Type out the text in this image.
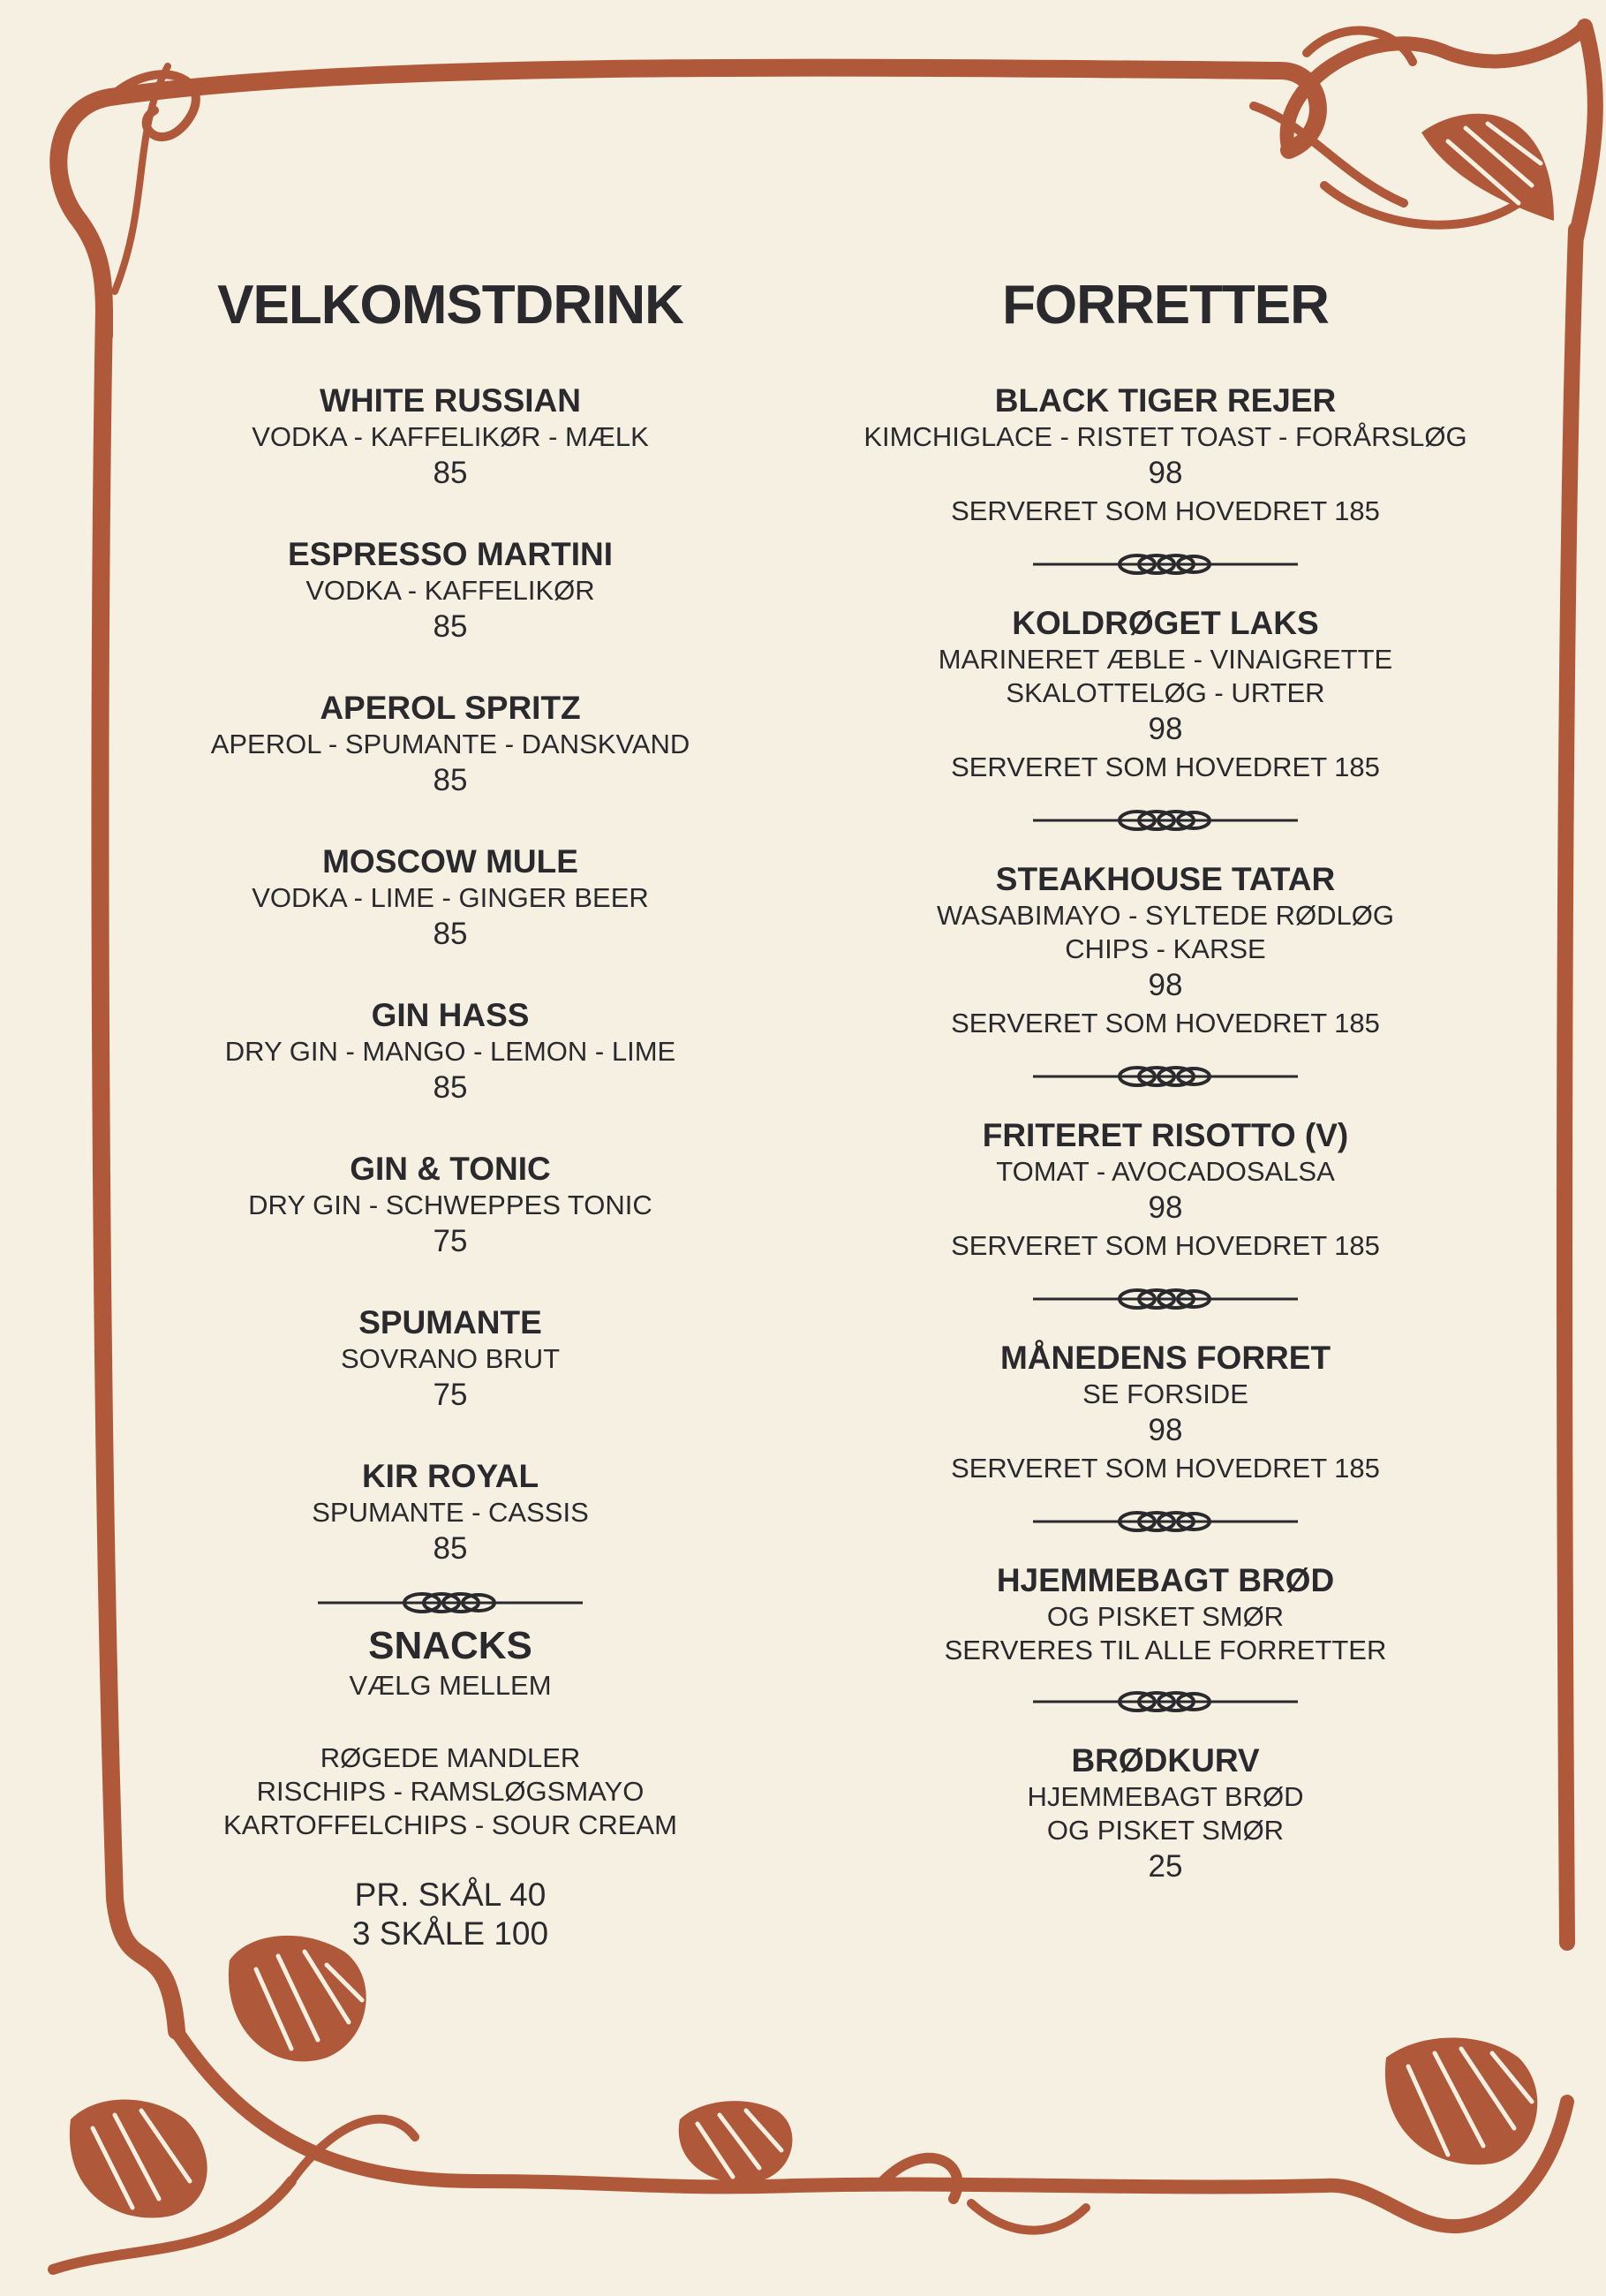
VELKOMSTDRINK
WHITE RUSSIAN
VODKA - KAFFELIKØR - MÆLK
85
ESPRESSO MARTINI
VODKA - KAFFELIKØR
85
APEROL SPRITZ
APEROL - SPUMANTE - DANSKVAND
85
MOSCOW MULE
VODKA - LIME - GINGER BEER
85
GIN HASS
DRY GIN - MANGO - LEMON - LIME
85
GIN & TONIC
DRY GIN - SCHWEPPES TONIC
75
SPUMANTE
SOVRANO BRUT
75
KIR ROYAL
SPUMANTE - CASSIS
85
SNACKS
VÆLG MELLEM
RØGEDE MANDLER
RISCHIPS - RAMSLØGSMAYO
KARTOFFELCHIPS - SOUR CREAM
PR. SKÅL 40
3 SKÅLE 100
FORRETTER
BLACK TIGER REJER
KIMCHIGLACE - RISTET TOAST - FORÅRSLØG
98
SERVERET SOM HOVEDRET 185
KOLDRØGET LAKS
MARINERET ÆBLE - VINAIGRETTE
SKALOTTELØG - URTER
98
SERVERET SOM HOVEDRET 185
STEAKHOUSE TATAR
WASABIMAYO - SYLTEDE RØDLØG
CHIPS - KARSE
98
SERVERET SOM HOVEDRET 185
FRITERET RISOTTO (V)
TOMAT - AVOCADOSALSA
98
SERVERET SOM HOVEDRET 185
MÅNEDENS FORRET
SE FORSIDE
98
SERVERET SOM HOVEDRET 185
HJEMMEBAGT BRØD
OG PISKET SMØR
SERVERES TIL ALLE FORRETTER
BRØDKURV
HJEMMEBAGT BRØD
OG PISKET SMØR
25
